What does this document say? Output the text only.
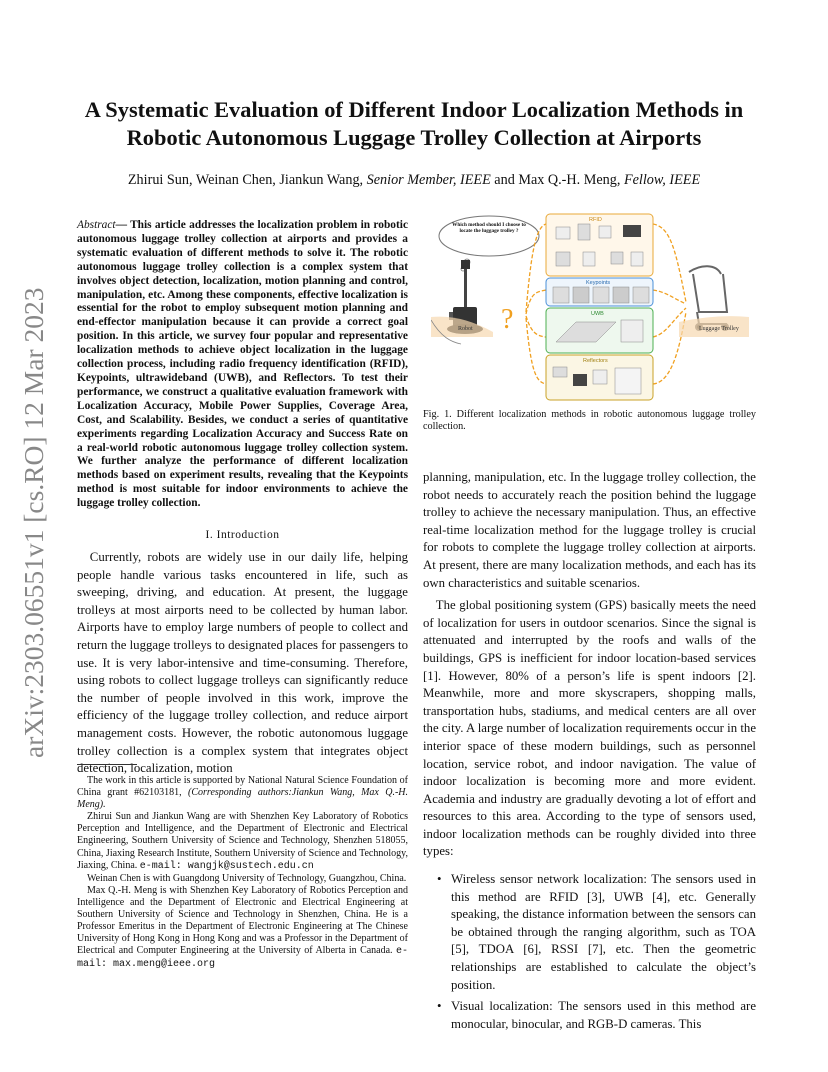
arXiv:2303.06551v1 [cs.RO] 12 Mar 2023
A Systematic Evaluation of Different Indoor Localization Methods in Robotic Autonomous Luggage Trolley Collection at Airports
Zhirui Sun, Weinan Chen, Jiankun Wang, Senior Member, IEEE and Max Q.-H. Meng, Fellow, IEEE
Abstract— This article addresses the localization problem in robotic autonomous luggage trolley collection at airports and provides a systematic evaluation of different methods to solve it. The robotic autonomous luggage trolley collection is a complex system that involves object detection, localization, motion planning and control, manipulation, etc. Among these components, effective localization is essential for the robot to employ subsequent motion planning and end-effector manipulation because it can provide a correct goal position. In this article, we survey four popular and representative localization methods to achieve object localization in the luggage collection process, including radio frequency identification (RFID), Keypoints, ultrawideband (UWB), and Reflectors. To test their performance, we construct a qualitative evaluation framework with Localization Accuracy, Mobile Power Supplies, Coverage Area, Cost, and Scalability. Besides, we conduct a series of quantitative experiments regarding Localization Accuracy and Success Rate on a real-world robotic autonomous luggage trolley collection system. We further analyze the performance of different localization methods based on experiment results, revealing that the Keypoints method is most suitable for indoor environments to achieve the luggage trolley collection.
I. Introduction
Currently, robots are widely use in our daily life, helping people handle various tasks encountered in life, such as sweeping, driving, and education. At present, the luggage trolleys at most airports need to be collected by human labor. Airports have to employ large numbers of people to collect and return the luggage trolleys to designated places for passengers to use. It is very labor-intensive and time-consuming. Therefore, using robots to collect luggage trolleys can significantly reduce the number of people involved in this work, improve the efficiency of the luggage trolley collection, and reduce airport management costs. However, the robotic autonomous luggage trolley collection is a complex system that integrates object detection, localization, motion

The work in this article is supported by National Natural Science Foundation of China grant #62103181, (Corresponding authors:Jiankun Wang, Max Q.-H. Meng).

Zhirui Sun and Jiankun Wang are with Shenzhen Key Laboratory of Robotics Perception and Intelligence, and the Department of Electronic and Electrical Engineering, Southern University of Science and Technology, Shenzhen 518055, China, Jiaxing Research Institute, Southern University of Science and Technology, Jiaxing, China. e-mail: wangjk@sustech.edu.cn

Weinan Chen is with Guangdong University of Technology, Guangzhou, China.

Max Q.-H. Meng is with Shenzhen Key Laboratory of Robotics Perception and Intelligence and the Department of Electronic and Electrical Engineering at Southern University of Science and Technology in Shenzhen, China. He is a Professor Emeritus in the Department of Electronic Engineering at The Chinese University of Hong Kong in Hong Kong and was a Professor in the Department of Electrical and Computer Engineering at the University of Alberta in Canada. e-mail: max.meng@ieee.org

Which method should I choose to locate the luggage trolley ?
Robot ?
RFID
Keypoints
UWB
Reflectors
Luggage Trolley
Fig. 1. Different localization methods in robotic autonomous luggage trolley collection.

planning, manipulation, etc. In the luggage trolley collection, the robot needs to accurately reach the position behind the luggage trolley to achieve the necessary manipulation. Thus, an effective real-time localization method for the luggage trolley is crucial for robots to complete the luggage trolley collection at airports. At present, there are many localization methods, and each has its own characteristics and suitable scenarios.

The global positioning system (GPS) basically meets the need of localization for users in outdoor scenarios. Since the signal is attenuated and interrupted by the roofs and walls of the buildings, GPS is inefficient for indoor location-based services [1]. However, 80% of a person’s life is spent indoors [2]. Meanwhile, more and more skyscrapers, shopping malls, transportation hubs, stadiums, and medical centers are all over the city. A large number of localization requirements occur in the interior space of these modern buildings, such as personnel location, service robot, and indoor navigation. The value of indoor localization is becoming more and more evident. Academia and industry are gradually devoting a lot of effort and resources to this area. According to the type of sensors used, indoor localization methods can be roughly divided into three types:

• Wireless sensor network localization: The sensors used in this method are RFID [3], UWB [4], etc. Generally speaking, the distance information between the sensors can be obtained through the ranging algorithm, such as TOA [5], TDOA [6], RSSI [7], etc. Then the geometric relationships are established to calculate the object’s position.
• Visual localization: The sensors used in this method are monocular, binocular, and RGB-D cameras. This
